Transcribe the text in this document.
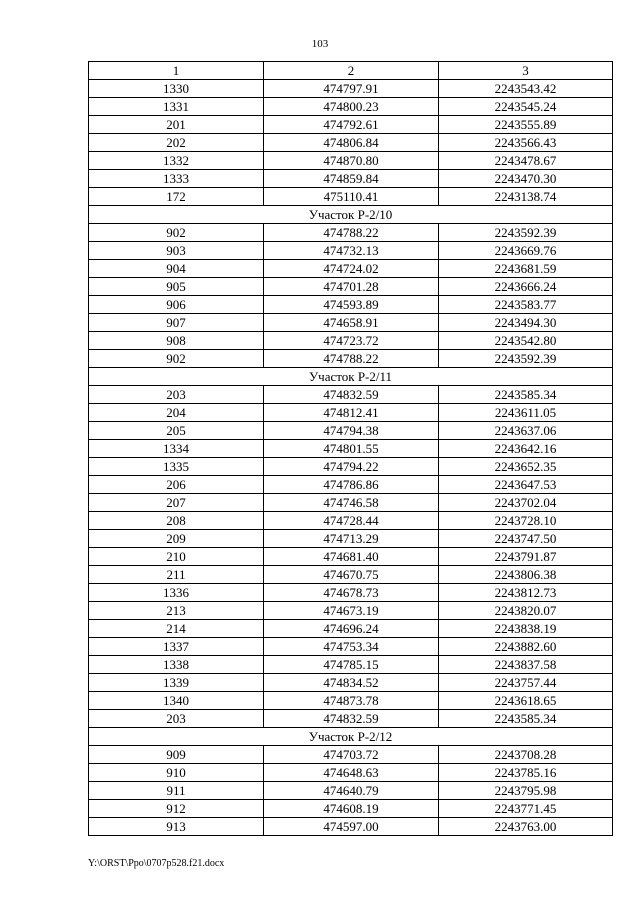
103
1	2	3
1330	474797.91	2243543.42
1331	474800.23	2243545.24
201	474792.61	2243555.89
202	474806.84	2243566.43
1332	474870.80	2243478.67
1333	474859.84	2243470.30
172	475110.41	2243138.74
Участок Р-2/10		
902	474788.22	2243592.39
903	474732.13	2243669.76
904	474724.02	2243681.59
905	474701.28	2243666.24
906	474593.89	2243583.77
907	474658.91	2243494.30
908	474723.72	2243542.80
902	474788.22	2243592.39
Участок Р-2/11		
203	474832.59	2243585.34
204	474812.41	2243611.05
205	474794.38	2243637.06
1334	474801.55	2243642.16
1335	474794.22	2243652.35
206	474786.86	2243647.53
207	474746.58	2243702.04
208	474728.44	2243728.10
209	474713.29	2243747.50
210	474681.40	2243791.87
211	474670.75	2243806.38
1336	474678.73	2243812.73
213	474673.19	2243820.07
214	474696.24	2243838.19
1337	474753.34	2243882.60
1338	474785.15	2243837.58
1339	474834.52	2243757.44
1340	474873.78	2243618.65
203	474832.59	2243585.34
Участок Р-2/12		
909	474703.72	2243708.28
910	474648.63	2243785.16
911	474640.79	2243795.98
912	474608.19	2243771.45
913	474597.00	2243763.00
Y:\ORST\Ppo\0707p528.f21.docx
